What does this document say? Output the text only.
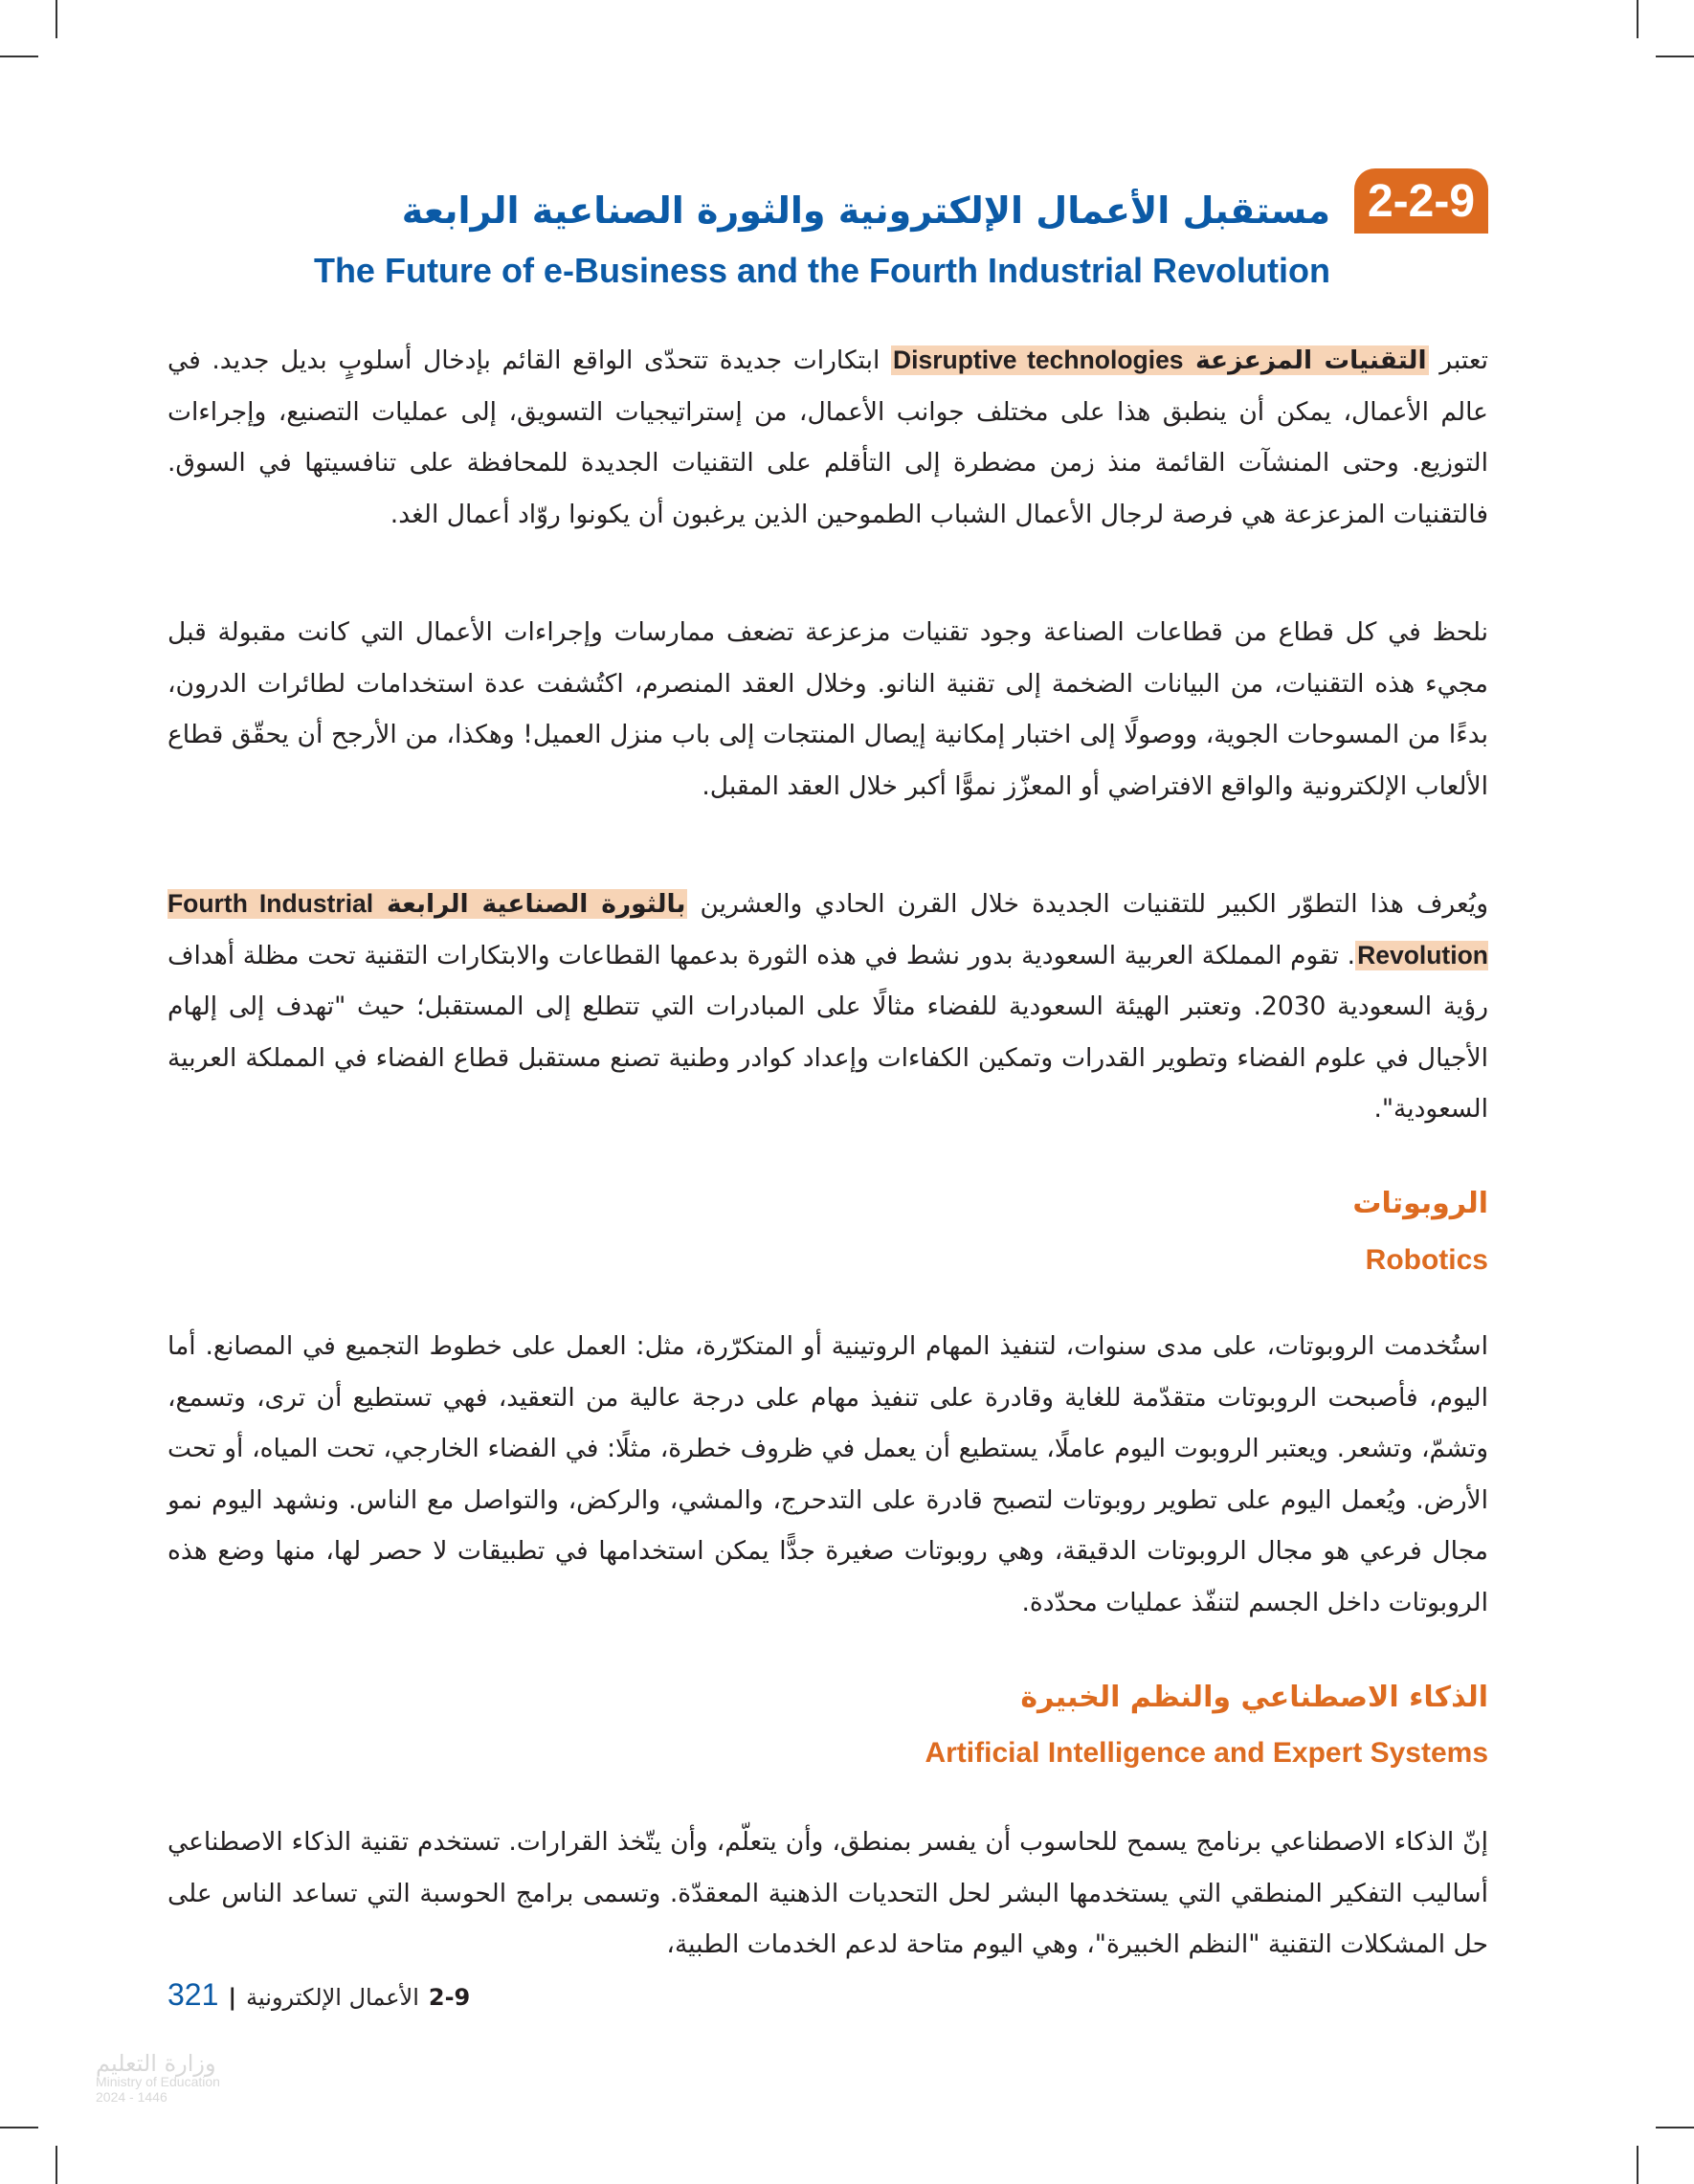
2-2-9
مستقبل الأعمال الإلكترونية والثورة الصناعية الرابعة
The Future of e-Business and the Fourth Industrial Revolution

تعتبر التقنيات المزعزعة Disruptive technologies ابتكارات جديدة تتحدّى الواقع القائم بإدخال أسلوبٍ بديل جديد. في عالم الأعمال، يمكن أن ينطبق هذا على مختلف جوانب الأعمال، من إستراتيجيات التسويق، إلى عمليات التصنيع، وإجراءات التوزيع. وحتى المنشآت القائمة منذ زمن مضطرة إلى التأقلم على التقنيات الجديدة للمحافظة على تنافسيتها في السوق. فالتقنيات المزعزعة هي فرصة لرجال الأعمال الشباب الطموحين الذين يرغبون أن يكونوا روّاد أعمال الغد.

نلحظ في كل قطاع من قطاعات الصناعة وجود تقنيات مزعزعة تضعف ممارسات وإجراءات الأعمال التي كانت مقبولة قبل مجيء هذه التقنيات، من البيانات الضخمة إلى تقنية النانو. وخلال العقد المنصرم، اكتُشفت عدة استخدامات لطائرات الدرون، بدءًا من المسوحات الجوية، ووصولًا إلى اختبار إمكانية إيصال المنتجات إلى باب منزل العميل! وهكذا، من الأرجح أن يحقّق قطاع الألعاب الإلكترونية والواقع الافتراضي أو المعزّز نموًّا أكبر خلال العقد المقبل.

ويُعرف هذا التطوّر الكبير للتقنيات الجديدة خلال القرن الحادي والعشرين بالثورة الصناعية الرابعة Fourth Industrial Revolution. تقوم المملكة العربية السعودية بدور نشط في هذه الثورة بدعمها القطاعات والابتكارات التقنية تحت مظلة أهداف رؤية السعودية 2030. وتعتبر الهيئة السعودية للفضاء مثالًا على المبادرات التي تتطلع إلى المستقبل؛ حيث "تهدف إلى إلهام الأجيال في علوم الفضاء وتطوير القدرات وتمكين الكفاءات وإعداد كوادر وطنية تصنع مستقبل قطاع الفضاء في المملكة العربية السعودية".

الروبوتات
Robotics

استُخدمت الروبوتات، على مدى سنوات، لتنفيذ المهام الروتينية أو المتكرّرة، مثل: العمل على خطوط التجميع في المصانع. أما اليوم، فأصبحت الروبوتات متقدّمة للغاية وقادرة على تنفيذ مهام على درجة عالية من التعقيد، فهي تستطيع أن ترى، وتسمع، وتشمّ، وتشعر. ويعتبر الروبوت اليوم عاملًا، يستطيع أن يعمل في ظروف خطرة، مثلًا: في الفضاء الخارجي، تحت المياه، أو تحت الأرض. ويُعمل اليوم على تطوير روبوتات لتصبح قادرة على التدحرج، والمشي، والركض، والتواصل مع الناس. ونشهد اليوم نمو مجال فرعي هو مجال الروبوتات الدقيقة، وهي روبوتات صغيرة جدًّا يمكن استخدامها في تطبيقات لا حصر لها، منها وضع هذه الروبوتات داخل الجسم لتنفّذ عمليات محدّدة.

الذكاء الاصطناعي والنظم الخبيرة
Artificial Intelligence and Expert Systems

إنّ الذكاء الاصطناعي برنامج يسمح للحاسوب أن يفسر بمنطق، وأن يتعلّم، وأن يتّخذ القرارات. تستخدم تقنية الذكاء الاصطناعي أساليب التفكير المنطقي التي يستخدمها البشر لحل التحديات الذهنية المعقدّة. وتسمى برامج الحوسبة التي تساعد الناس على حل المشكلات التقنية "النظم الخبيرة"، وهي اليوم متاحة لدعم الخدمات الطبية،

2-9
الأعمال الإلكترونية
|
321
وزارة التعليم
Ministry of Education
2024 - 1446
